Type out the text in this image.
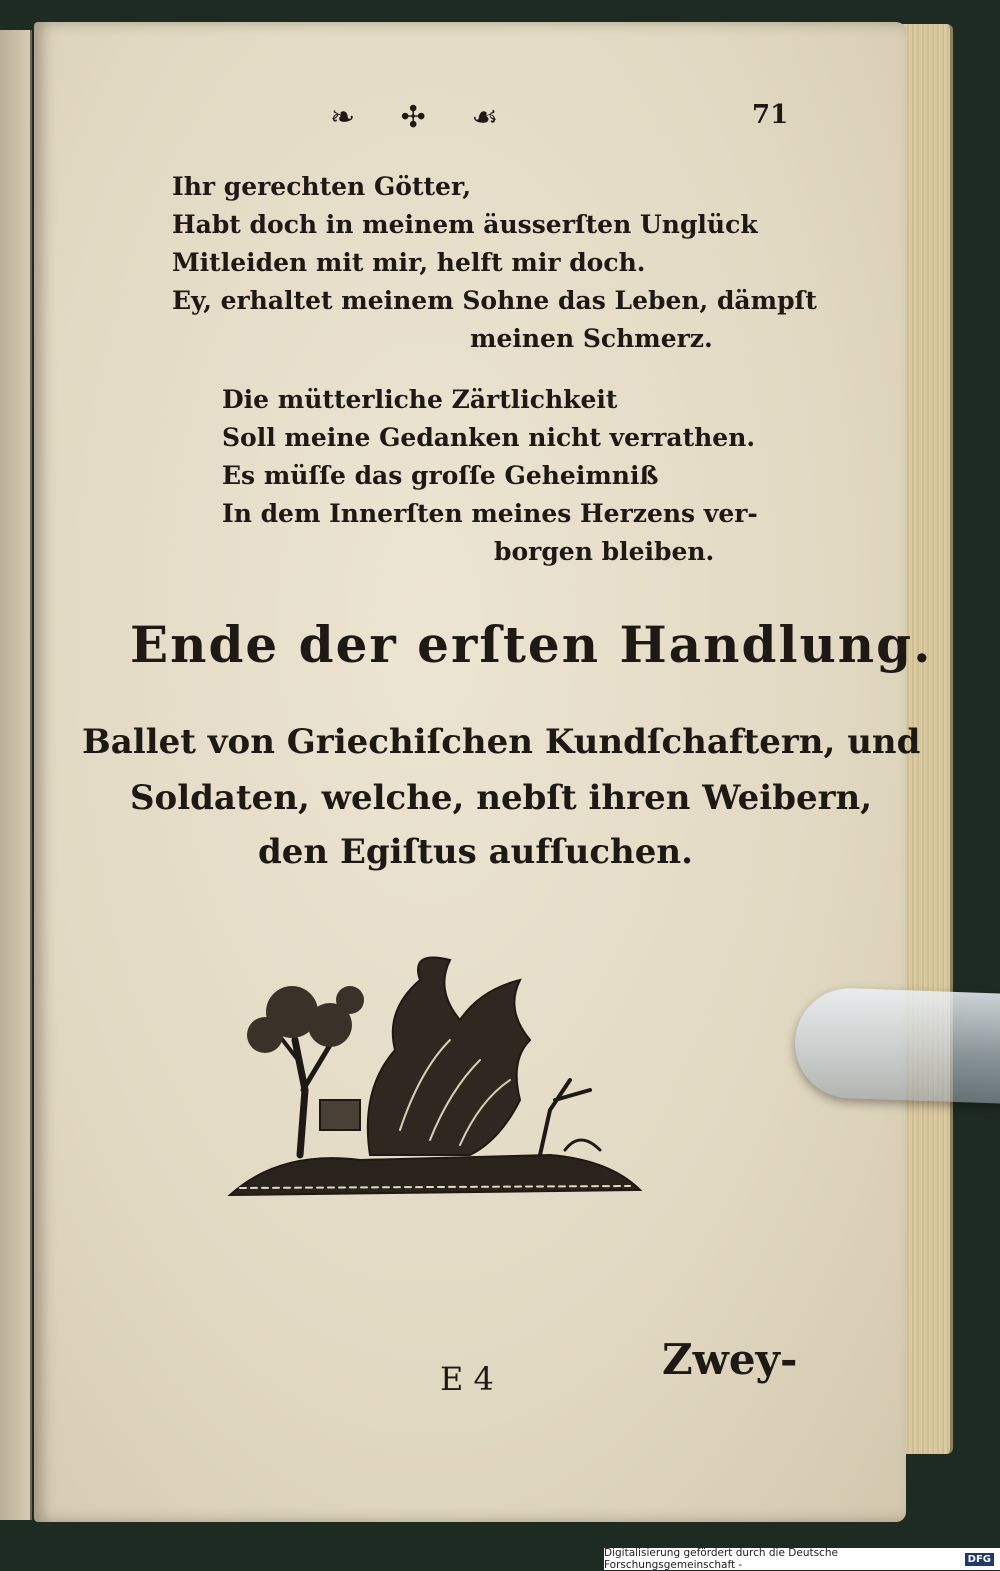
❧ ✣ ☙	71
Ihr gerechten Götter,
Habt doch in meinem äusserſten Unglück
Mitleiden mit mir, helft mir doch.
Ey, erhaltet meinem Sohne das Leben, dämpſt
meinen Schmerz.
Die mütterliche Zärtlichkeit
Soll meine Gedanken nicht verrathen.
Es müſſe das groſſe Geheimniß
In dem Innerſten meines Herzens ver-
borgen bleiben.
Ende der erſten Handlung.
Ballet von Griechiſchen Kundſchaftern, und
Soldaten, welche, nebſt ihren Weibern,
den Egiſtus aufſuchen.
E 4	Zwey-
Digitalisierung gefördert durch die Deutsche Forschungsgemeinschaft -	DFG
